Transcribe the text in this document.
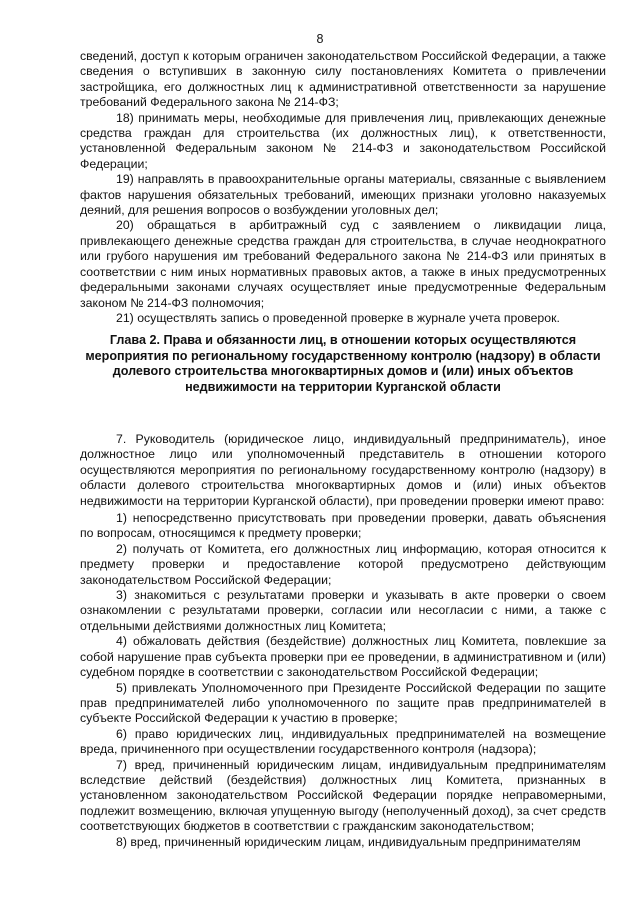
8

сведений, доступ к которым ограничен законодательством Российской Федерации, а также сведения о вступивших в законную силу постановлениях Комитета о привлечении застройщика, его должностных лиц к административной ответственности за нарушение требований Федерального закона № 214-ФЗ;

18) принимать меры, необходимые для привлечения лиц, привлекающих денежные средства граждан для строительства (их должностных лиц), к ответственности, установленной Федеральным законом № 214-ФЗ и законодательством Российской Федерации;

19) направлять в правоохранительные органы материалы, связанные с выявлением фактов нарушения обязательных требований, имеющих признаки уголовно наказуемых деяний, для решения вопросов о возбуждении уголовных дел;

20) обращаться в арбитражный суд с заявлением о ликвидации лица, привлекающего денежные средства граждан для строительства, в случае неоднократного или грубого нарушения им требований Федерального закона № 214-ФЗ или принятых в соответствии с ним иных нормативных правовых актов, а также в иных предусмотренных федеральными законами случаях осуществляет иные предусмотренные Федеральным законом № 214-ФЗ полномочия;

21) осуществлять запись о проведенной проверке в журнале учета проверок.

Глава 2. Права и обязанности лиц, в отношении которых осуществляются мероприятия по региональному государственному контролю (надзору) в области долевого строительства многоквартирных домов и (или) иных объектов недвижимости на территории Курганской области

7. Руководитель (юридическое лицо, индивидуальный предприниматель), иное должностное лицо или уполномоченный представитель в отношении которого осуществляются мероприятия по региональному государственному контролю (надзору) в области долевого строительства многоквартирных домов и (или) иных объектов недвижимости на территории Курганской области), при проведении проверки имеют право:

1) непосредственно присутствовать при проведении проверки, давать объяснения по вопросам, относящимся к предмету проверки;

2) получать от Комитета, его должностных лиц информацию, которая относится к предмету проверки и предоставление которой предусмотрено действующим законодательством Российской Федерации;

3) знакомиться с результатами проверки и указывать в акте проверки о своем ознакомлении с результатами проверки, согласии или несогласии с ними, а также с отдельными действиями должностных лиц Комитета;

4) обжаловать действия (бездействие) должностных лиц Комитета, повлекшие за собой нарушение прав субъекта проверки при ее проведении, в административном и (или) судебном порядке в соответствии с законодательством Российской Федерации;

5) привлекать Уполномоченного при Президенте Российской Федерации по защите прав предпринимателей либо уполномоченного по защите прав предпринимателей в субъекте Российской Федерации к участию в проверке;

6) право юридических лиц, индивидуальных предпринимателей на возмещение вреда, причиненного при осуществлении государственного контроля (надзора);

7) вред, причиненный юридическим лицам, индивидуальным предпринимателям вследствие действий (бездействия) должностных лиц Комитета, признанных в установленном законодательством Российской Федерации порядке неправомерными, подлежит возмещению, включая упущенную выгоду (неполученный доход), за счет средств соответствующих бюджетов в соответствии с гражданским законодательством;

8) вред, причиненный юридическим лицам, индивидуальным предпринимателям
